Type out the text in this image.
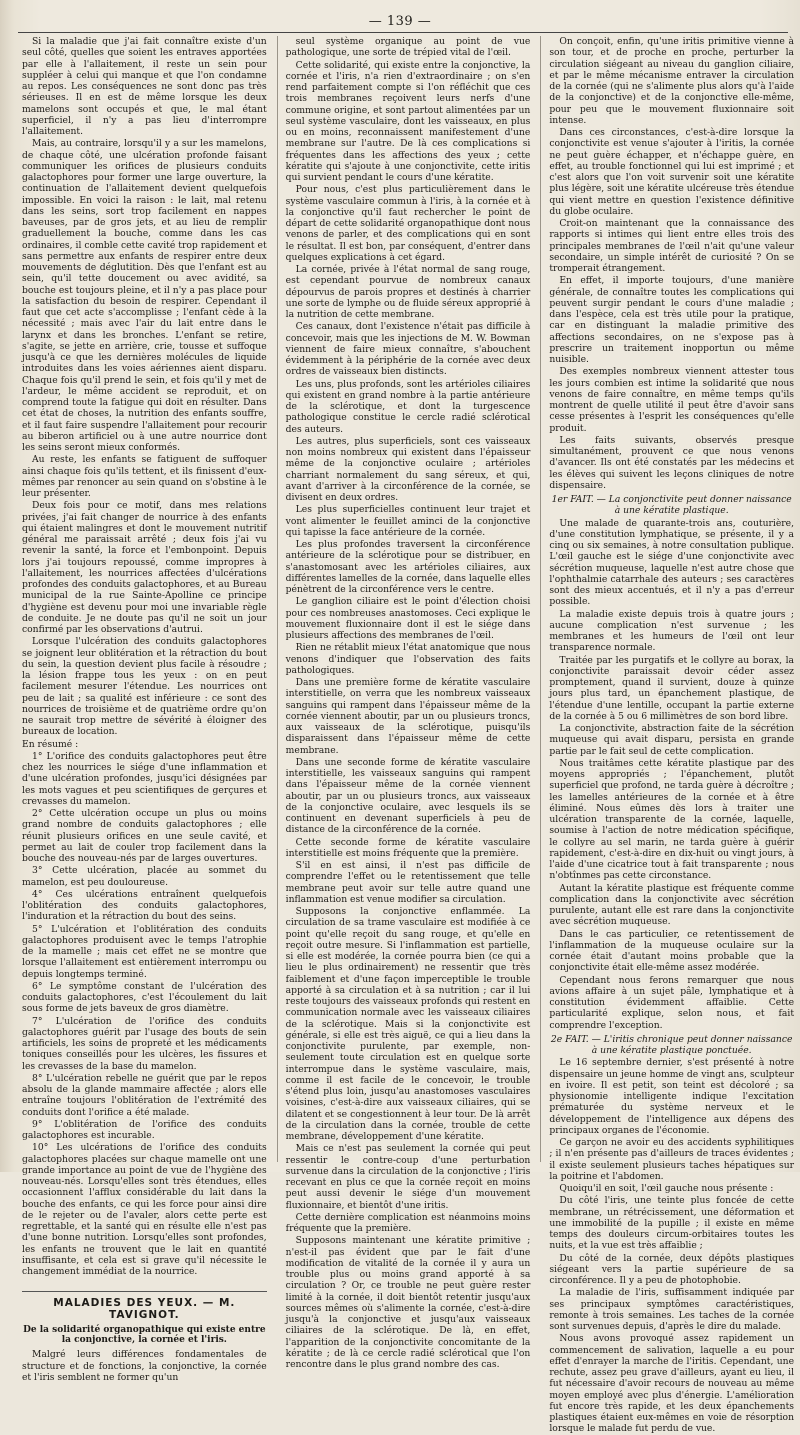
— 139 —

Si la maladie que j'ai fait connaître existe d'un seul côté, quelles que soient les entraves apportées par elle à l'allaitement, il reste un sein pour suppléer à celui qui manque et que l'on condamne au repos. Les conséquences ne sont donc pas très sérieuses. Il en est de même lorsque les deux mamelons sont occupés et que, le mal étant superficiel, il n'y a pas lieu d'interrompre l'allaitement.

Mais, au contraire, lorsqu'il y a sur les mamelons, de chaque côté, une ulcération profonde faisant communiquer les orifices de plusieurs conduits galactophores pour former une large ouverture, la continuation de l'allaitement devient quelquefois impossible. En voici la raison : le lait, mal retenu dans les seins, sort trop facilement en nappes baveuses, par de gros jets, et au lieu de remplir graduellement la bouche, comme dans les cas ordinaires, il comble cette cavité trop rapidement et sans permettre aux enfants de respirer entre deux mouvements de déglutition. Dès que l'enfant est au sein, qu'il tette doucement ou avec avidité, sa bouche est toujours pleine, et il n'y a pas place pour la satisfaction du besoin de respirer. Cependant il faut que cet acte s'accomplisse ; l'enfant cède à la nécessité ; mais avec l'air du lait entre dans le larynx et dans les bronches. L'enfant se retire, s'agite, se jette en arrière, crie, tousse et suffoque jusqu'à ce que les dernières molécules de liquide introduites dans les voies aériennes aient disparu. Chaque fois qu'il prend le sein, et fois qu'il y met de l'ardeur, le même accident se reproduit, et on comprend toute la fatigue qui doit en résulter. Dans cet état de choses, la nutrition des enfants souffre, et il faut faire suspendre l'allaitement pour recourir au biberon artificiel ou à une autre nourrice dont les seins seront mieux conformés.

Au reste, les enfants se fatiguent de suffoquer ainsi chaque fois qu'ils tettent, et ils finissent d'eux-mêmes par renoncer au sein quand on s'obstine à le leur présenter.

Deux fois pour ce motif, dans mes relations privées, j'ai fait changer de nourrice à des enfants qui étaient malingres et dont le mouvement nutritif général me paraissait arrêté ; deux fois j'ai vu revenir la santé, la force et l'embonpoint. Depuis lors j'ai toujours repoussé, comme impropres à l'allaitement, les nourrices affectées d'ulcérations profondes des conduits galactophores, et au Bureau municipal de la rue Sainte-Apolline ce principe d'hygiène est devenu pour moi une invariable règle de conduite. Je ne doute pas qu'il ne soit un jour confirmé par les observations d'autrui.

Lorsque l'ulcération des conduits galactophores se joignent leur oblitération et la rétraction du bout du sein, la question devient plus facile à résoudre ; la lésion frappe tous les yeux : on en peut facilement mesurer l'étendue. Les nourrices ont peu de lait ; sa qualité est inférieure : ce sont des nourrices de troisième et de quatrième ordre qu'on ne saurait trop mettre de sévérité à éloigner des bureaux de location.

En résumé :

1° L'orifice des conduits galactophores peut être chez les nourrices le siége d'une inflammation et d'une ulcération profondes, jusqu'ici désignées par les mots vagues et peu scientifiques de gerçures et crevasses du mamelon.

2° Cette ulcération occupe un plus ou moins grand nombre de conduits galactophores ; elle réunit plusieurs orifices en une seule cavité, et permet au lait de couler trop facilement dans la bouche des nouveau-nés par de larges ouvertures.

3° Cette ulcération, placée au sommet du mamelon, est peu douloureuse.

4° Ces ulcérations entraînent quelquefois l'oblitération des conduits galactophores, l'induration et la rétraction du bout des seins.

5° L'ulcération et l'oblitération des conduits galactophores produisent avec le temps l'atrophie de la mamelle ; mais cet effet ne se montre que lorsque l'allaitement est entièrement interrompu ou depuis longtemps terminé.

6° Le symptôme constant de l'ulcération des conduits galactophores, c'est l'écoulement du lait sous forme de jets baveux de gros diamètre.

7° L'ulcération de l'orifice des conduits galactophores guérit par l'usage des bouts de sein artificiels, les soins de propreté et les médicaments toniques conseillés pour les ulcères, les fissures et les crevasses de la base du mamelon.

8° L'ulcération rebelle ne guérit que par le repos absolu de la glande mammaire affectée ; alors elle entraîne toujours l'oblitération de l'extrémité des conduits dont l'orifice a été malade.

9° L'oblitération de l'orifice des conduits galactophores est incurable.

10° Les ulcérations de l'orifice des conduits galactophores placées sur chaque mamelle ont une grande importance au point de vue de l'hygiène des nouveau-nés. Lorsqu'elles sont très étendues, elles occasionnent l'afflux considérable du lait dans la bouche des enfants, ce qui les force pour ainsi dire de le rejeter ou de l'avaler, alors cette perte est regrettable, et la santé qui en résulte elle n'est pas d'une bonne nutrition. Lorsqu'elles sont profondes, les enfants ne trouvent que le lait en quantité insuffisante, et cela est si grave qu'il nécessite le changement immédiat de la nourrice.

MALADIES DES YEUX. — M. TAVIGNOT.
De la solidarité organopathique qui existe entre la conjonctive, la cornée et l'iris.

Malgré leurs différences fondamentales de structure et de fonctions, la conjonctive, la cornée et l'iris semblent ne former qu'un

seul système organique au point de vue pathologique, une sorte de trépied vital de l'œil.

Cette solidarité, qui existe entre la conjonctive, la cornée et l'iris, n'a rien d'extraordinaire ; on s'en rend parfaitement compte si l'on réfléchit que ces trois membranes reçoivent leurs nerfs d'une commune origine, et sont partout alimentées par un seul système vasculaire, dont les vaisseaux, en plus ou en moins, reconnaissent manifestement d'une membrane sur l'autre. De là ces complications si fréquentes dans les affections des yeux ; cette kératite qui s'ajoute à une conjonctivite, cette iritis qui survient pendant le cours d'une kératite.

Pour nous, c'est plus particulièrement dans le système vasculaire commun à l'iris, à la cornée et à la conjonctive qu'il faut rechercher le point de départ de cette solidarité organopathique dont nous venons de parler, et des complications qui en sont le résultat. Il est bon, par conséquent, d'entrer dans quelques explications à cet égard.

La cornée, privée à l'état normal de sang rouge, est cependant pourvue de nombreux canaux dépourvus de parois propres et destinés à charrier une sorte de lymphe ou de fluide séreux approprié à la nutrition de cette membrane.

Ces canaux, dont l'existence n'était pas difficile à concevoir, mais que les injections de M. W. Bowman viennent de faire mieux connaître, s'abouchent évidemment à la périphérie de la cornée avec deux ordres de vaisseaux bien distincts.

Les uns, plus profonds, sont les artérioles ciliaires qui existent en grand nombre à la partie antérieure de la sclérotique, et dont la turgescence pathologique constitue le cercle radié sclérotical des auteurs.

Les autres, plus superficiels, sont ces vaisseaux non moins nombreux qui existent dans l'épaisseur même de la conjonctive oculaire ; artérioles charriant normalement du sang séreux, et qui, avant d'arriver à la circonférence de la cornée, se divisent en deux ordres.

Les plus superficielles continuent leur trajet et vont alimenter le feuillet aminci de la conjonctive qui tapisse la face antérieure de la cornée.

Les plus profondes traversent la circonférence antérieure de la sclérotique pour se distribuer, en s'anastomosant avec les artérioles ciliaires, aux différentes lamelles de la cornée, dans laquelle elles pénètrent de la circonférence vers le centre.

Le ganglion ciliaire est le point d'élection choisi pour ces nombreuses anastomoses. Ceci explique le mouvement fluxionnaire dont il est le siége dans plusieurs affections des membranes de l'œil.

Rien ne rétablit mieux l'état anatomique que nous venons d'indiquer que l'observation des faits pathologiques.

Dans une première forme de kératite vasculaire interstitielle, on verra que les nombreux vaisseaux sanguins qui rampent dans l'épaisseur même de la cornée viennent aboutir, par un ou plusieurs troncs, aux vaisseaux de la sclérotique, puisqu'ils disparaissent dans l'épaisseur même de cette membrane.

Dans une seconde forme de kératite vasculaire interstitielle, les vaisseaux sanguins qui rampent dans l'épaisseur même de la cornée viennent aboutir, par un ou plusieurs troncs, aux vaisseaux de la conjonctive oculaire, avec lesquels ils se continuent en devenant superficiels à peu de distance de la circonférence de la cornée.

Cette seconde forme de kératite vasculaire interstitielle est moins fréquente que la première.

S'il en est ainsi, il n'est pas difficile de comprendre l'effet ou le retentissement que telle membrane peut avoir sur telle autre quand une inflammation est venue modifier sa circulation.

Supposons la conjonctive enflammée. La circulation de sa trame vasculaire est modifiée à ce point qu'elle reçoit du sang rouge, et qu'elle en reçoit outre mesure. Si l'inflammation est partielle, si elle est modérée, la cornée pourra bien (ce qui a lieu le plus ordinairement) ne ressentir que très faiblement et d'une façon imperceptible le trouble apporté à sa circulation et à sa nutrition ; car il lui reste toujours des vaisseaux profonds qui restent en communication normale avec les vaisseaux ciliaires de la sclérotique. Mais si la conjonctivite est générale, si elle est très aiguë, ce qui a lieu dans la conjonctivite purulente, par exemple, non-seulement toute circulation est en quelque sorte interrompue dans le système vasculaire, mais, comme il est facile de le concevoir, le trouble s'étend plus loin, jusqu'au anastomoses vasculaires voisines, c'est-à-dire aux vaisseaux ciliaires, qui se dilatent et se congestionnent à leur tour. De là arrêt de la circulation dans la cornée, trouble de cette membrane, développement d'une kératite.

Mais ce n'est pas seulement la cornée qui peut ressentir le contre-coup d'une perturbation survenue dans la circulation de la conjonctive ; l'iris recevant en plus ce que la cornée reçoit en moins peut aussi devenir le siége d'un mouvement fluxionnaire, et bientôt d'une iritis.

Cette dernière complication est néanmoins moins fréquente que la première.

Supposons maintenant une kératite primitive ; n'est-il pas évident que par le fait d'une modification de vitalité de la cornée il y aura un trouble plus ou moins grand apporté à sa circulation ? Or, ce trouble ne peut guère rester limité à la cornée, il doit bientôt retentir jusqu'aux sources mêmes où s'alimente la cornée, c'est-à-dire jusqu'à la conjonctive et jusqu'aux vaisseaux ciliaires de la sclérotique. De là, en effet, l'apparition de la conjonctivite concomitante de la kératite ; de là ce cercle radié sclérotical que l'on rencontre dans le plus grand nombre des cas.

On conçoit, enfin, qu'une iritis primitive vienne à son tour, et de proche en proche, perturber la circulation siégeant au niveau du ganglion ciliaire, et par le même mécanisme entraver la circulation de la cornée (qui ne s'alimente plus alors qu'à l'aide de la conjonctive) et de la conjonctive elle-même, pour peu que le mouvement fluxionnaire soit intense.

Dans ces circonstances, c'est-à-dire lorsque la conjonctivite est venue s'ajouter à l'iritis, la cornée ne peut guère échapper, et n'échappe guère, en effet, au trouble fonctionnel qui lui est imprimé ; et c'est alors que l'on voit survenir soit une kératite plus légère, soit une kératite ulcéreuse très étendue qui vient mettre en question l'existence définitive du globe oculaire.

Croit-on maintenant que la connaissance des rapports si intimes qui lient entre elles trois des principales membranes de l'œil n'ait qu'une valeur secondaire, un simple intérêt de curiosité ? On se tromperait étrangement.

En effet, il importe toujours, d'une manière générale, de connaître toutes les complications qui peuvent surgir pendant le cours d'une maladie ; dans l'espèce, cela est très utile pour la pratique, car en distinguant la maladie primitive des affections secondaires, on ne s'expose pas à prescrire un traitement inopportun ou même nuisible.

Des exemples nombreux viennent attester tous les jours combien est intime la solidarité que nous venons de faire connaître, en même temps qu'ils montrent de quelle utilité il peut être d'avoir sans cesse présentes à l'esprit les conséquences qu'elle produit.

Les faits suivants, observés presque simultanément, prouvent ce que nous venons d'avancer. Ils ont été constatés par les médecins et les élèves qui suivent les leçons cliniques de notre dispensaire.

1er FAIT. — La conjonctivite peut donner naissance à une kératite plastique.

Une malade de quarante-trois ans, couturière, d'une constitution lymphatique, se présente, il y a cinq ou six semaines, à notre consultation publique. L'œil gauche est le siége d'une conjonctivite avec sécrétion muqueuse, laquelle n'est autre chose que l'ophthalmie catarrhale des auteurs ; ses caractères sont des mieux accentués, et il n'y a pas d'erreur possible.

La maladie existe depuis trois à quatre jours ; aucune complication n'est survenue ; les membranes et les humeurs de l'œil ont leur transparence normale.

Traitée par les purgatifs et le collyre au borax, la conjonctivite paraissait devoir céder assez promptement, quand il survient, douze à quinze jours plus tard, un épanchement plastique, de l'étendue d'une lentille, occupant la partie externe de la cornée à 5 ou 6 millimètres de son bord libre.

La conjonctivite, abstraction faite de la sécrétion muqueuse qui avait disparu, persista en grande partie par le fait seul de cette complication.

Nous traitâmes cette kératite plastique par des moyens appropriés ; l'épanchement, plutôt superficiel que profond, ne tarda guère à décroître ; les lamelles antérieures de la cornée et à être éliminé. Nous eûmes dès lors à traiter une ulcération transparente de la cornée, laquelle, soumise à l'action de notre médication spécifique, le collyre au sel marin, ne tarda guère à guérir rapidement, c'est-à-dire en dix-huit ou vingt jours, à l'aide d'une cicatrice tout à fait transparente ; nous n'obtînmes pas cette circonstance.

Autant la kératite plastique est fréquente comme complication dans la conjonctivite avec sécrétion purulente, autant elle est rare dans la conjonctivite avec sécrétion muqueuse.

Dans le cas particulier, ce retentissement de l'inflammation de la muqueuse oculaire sur la cornée était d'autant moins probable que la conjonctivite était elle-même assez modérée.

Cependant nous ferons remarquer que nous avions affaire à un sujet pâle, lymphatique et à constitution évidemment affaiblie. Cette particularité explique, selon nous, et fait comprendre l'exception.

2e FAIT. — L'iritis chronique peut donner naissance à une kératite plastique ponctuée.

Le 16 septembre dernier, s'est présenté à notre dispensaire un jeune homme de vingt ans, sculpteur en ivoire. Il est petit, son teint est décoloré ; sa physionomie intelligente indique l'excitation prématurée du système nerveux et le développement de l'intelligence aux dépens des principaux organes de l'économie.

Ce garçon ne avoir eu des accidents syphilitiques ; il n'en présente pas d'ailleurs de traces évidentes ; il existe seulement plusieurs taches hépatiques sur la poitrine et l'abdomen.

Quoiqu'il en soit, l'œil gauche nous présente :

Du côté l'iris, une teinte plus foncée de cette membrane, un rétrécissement, une déformation et une immobilité de la pupille ; il existe en même temps des douleurs circum-orbitaires toutes les nuits, et la vue est très affaiblie ;

Du côté de la cornée, deux dépôts plastiques siégeant vers la partie supérieure de sa circonférence. Il y a peu de photophobie.

La maladie de l'iris, suffisamment indiquée par ses principaux symptômes caractéristiques, remonte à trois semaines. Les taches de la cornée sont survenues depuis, d'après le dire du malade.

Nous avons provoqué assez rapidement un commencement de salivation, laquelle a eu pour effet d'enrayer la marche de l'iritis. Cependant, une rechute, assez peu grave d'ailleurs, ayant eu lieu, il fut nécessaire d'avoir recours de nouveau au même moyen employé avec plus d'énergie. L'amélioration fut encore très rapide, et les deux épanchements plastiques étaient eux-mêmes en voie de résorption lorsque le malade fut perdu de vue.
